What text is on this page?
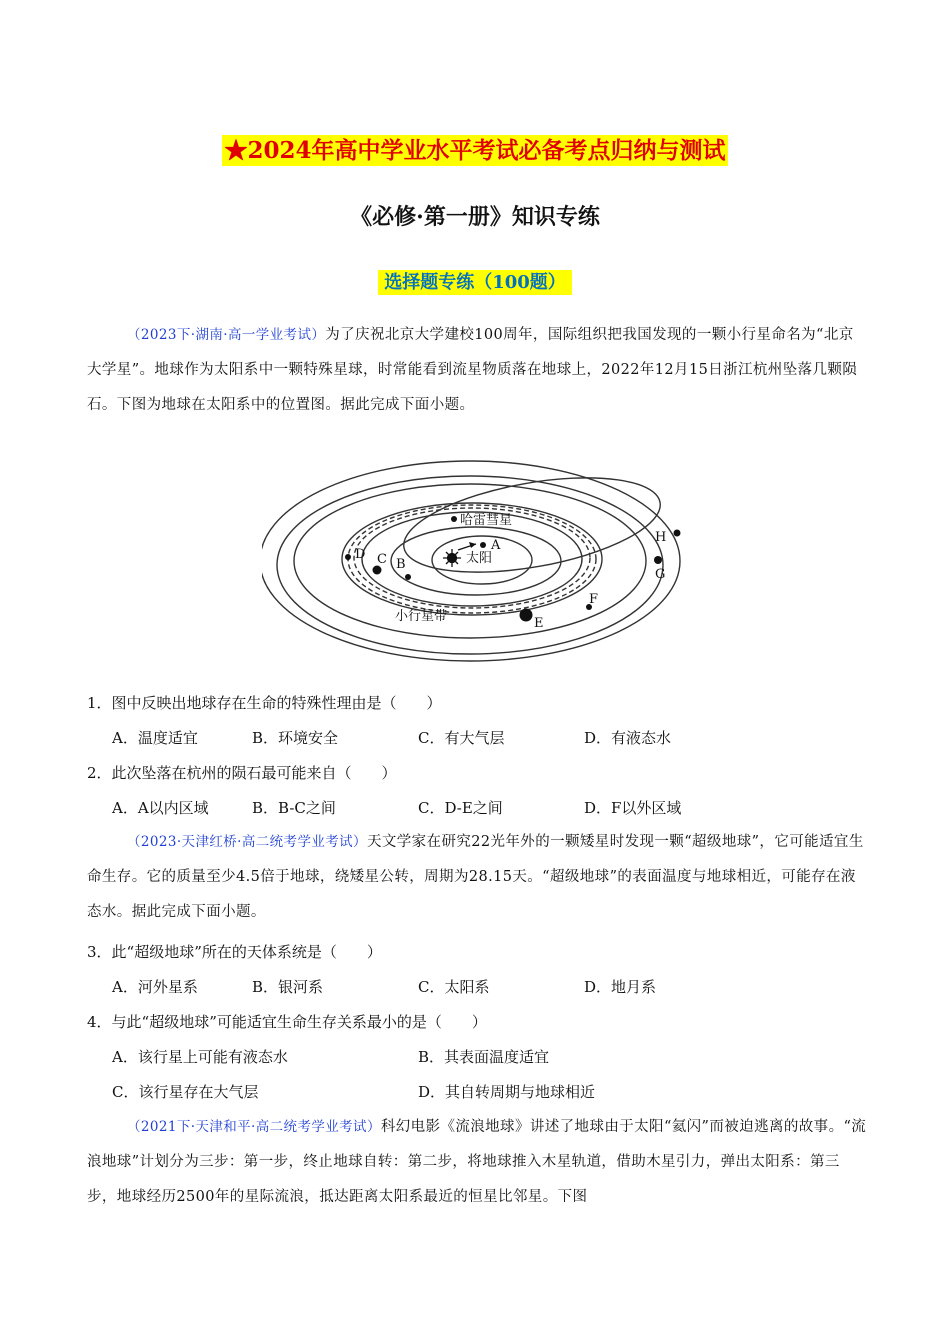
★2024年高中学业水平考试必备考点归纳与测试
《必修·第一册》知识专练
选择题专练（100题）
（2023下·湖南·高一学业考试）为了庆祝北京大学建校100周年，国际组织把我国发现的一颗小行星命名为“北京大学星”。地球作为太阳系中一颗特殊星球，时常能看到流星物质落在地球上，2022年12月15日浙江杭州坠落几颗陨石。下图为地球在太阳系中的位置图。据此完成下面小题。
太阳
哈雷彗星
小行星带
A
B
C
D
E
F
G
H
1．图中反映出地球存在生命的特殊性理由是（　　）
A．温度适宜	B．环境安全	C．有大气层	D．有液态水
2．此次坠落在杭州的陨石最可能来自（　　）
A．A以内区域	B．B-C之间	C．D-E之间	D．F以外区域
（2023·天津红桥·高二统考学业考试）天文学家在研究22光年外的一颗矮星时发现一颗“超级地球”，它可能适宜生命生存。它的质量至少4.5倍于地球，绕矮星公转，周期为28.15天。“超级地球”的表面温度与地球相近，可能存在液态水。据此完成下面小题。
3．此“超级地球”所在的天体系统是（　　）
A．河外星系	B．银河系	C．太阳系	D．地月系
4．与此“超级地球”可能适宜生命生存关系最小的是（　　）
A．该行星上可能有液态水	B．其表面温度适宜
C．该行星存在大气层	D．其自转周期与地球相近
（2021下·天津和平·高二统考学业考试）科幻电影《流浪地球》讲述了地球由于太阳“氦闪”而被迫逃离的故事。“流浪地球”计划分为三步：第一步，终止地球自转：第二步，将地球推入木星轨道，借助木星引力，弹出太阳系：第三步，地球经历2500年的星际流浪，抵达距离太阳系最近的恒星比邻星。下图
